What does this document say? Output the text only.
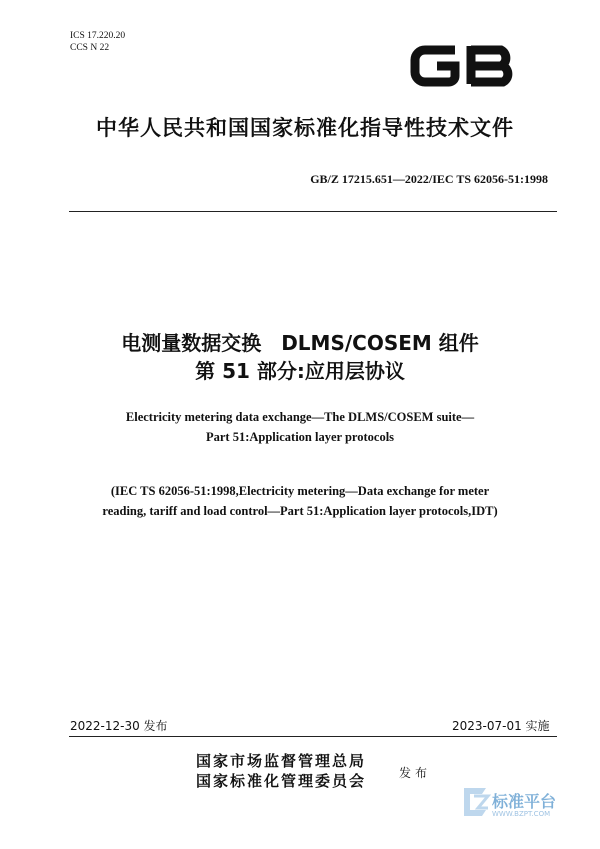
ICS 17.220.20
CCS N 22
中华人民共和国国家标准化指导性技术文件
GB/Z 17215.651—2022/IEC TS 62056-51:1998
电测量数据交换　DLMS/COSEM 组件
第 51 部分:应用层协议
Electricity metering data exchange—The DLMS/COSEM suite—
Part 51:Application layer protocols
(IEC TS 62056-51:1998,Electricity metering—Data exchange for meter
reading, tariff and load control—Part 51:Application layer protocols,IDT)
2022-12-30 发布	2023-07-01 实施
国家市场监督管理总局
国家标准化管理委员会	发布
标准平台
WWW.BZPT.COM
